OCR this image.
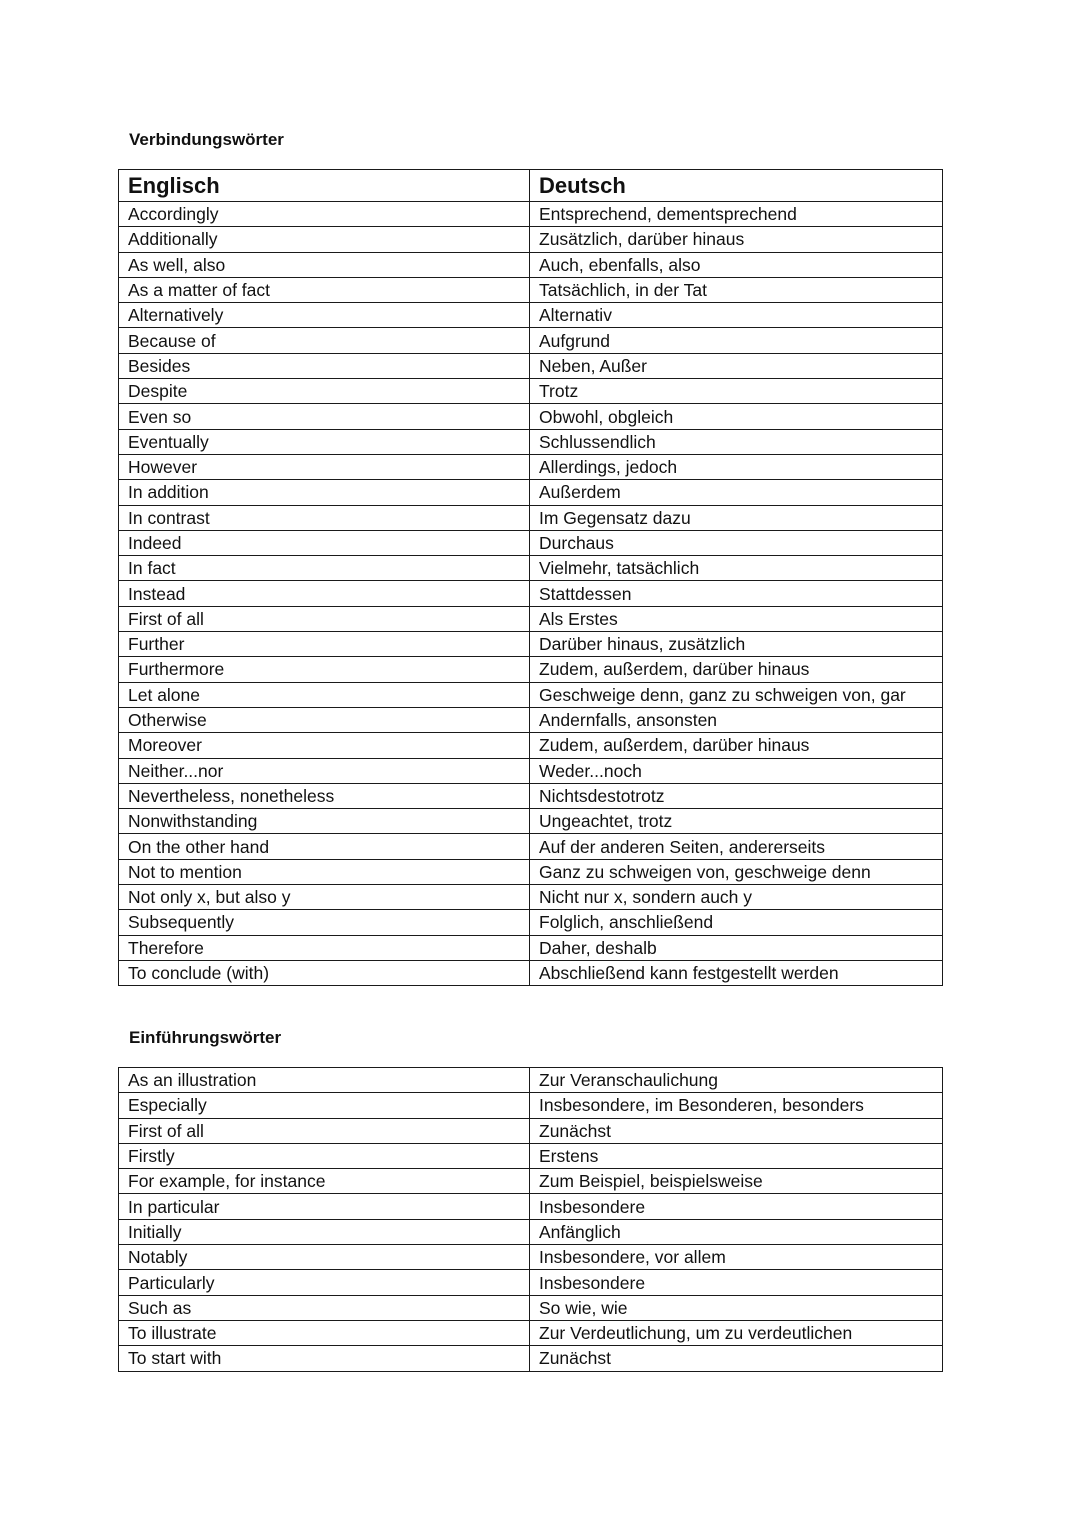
Verbindungswörter
Englisch	Deutsch
Accordingly	Entsprechend, dementsprechend
Additionally	Zusätzlich, darüber hinaus
As well, also	Auch, ebenfalls, also
As a matter of fact	Tatsächlich, in der Tat
Alternatively	Alternativ
Because of	Aufgrund
Besides	Neben, Außer
Despite	Trotz
Even so	Obwohl, obgleich
Eventually	Schlussendlich
However	Allerdings, jedoch
In addition	Außerdem
In contrast	Im Gegensatz dazu
Indeed	Durchaus
In fact	Vielmehr, tatsächlich
Instead	Stattdessen
First of all	Als Erstes
Further	Darüber hinaus, zusätzlich
Furthermore	Zudem, außerdem, darüber hinaus
Let alone	Geschweige denn, ganz zu schweigen von, gar
Otherwise	Andernfalls, ansonsten
Moreover	Zudem, außerdem, darüber hinaus
Neither...nor	Weder...noch
Nevertheless, nonetheless	Nichtsdestotrotz
Nonwithstanding	Ungeachtet, trotz
On the other hand	Auf der anderen Seiten, andererseits
Not to mention	Ganz zu schweigen von, geschweige denn
Not only x, but also y	Nicht nur x, sondern auch y
Subsequently	Folglich, anschließend
Therefore	Daher, deshalb
To conclude (with)	Abschließend kann festgestellt werden
Einführungswörter
As an illustration	Zur Veranschaulichung
Especially	Insbesondere, im Besonderen, besonders
First of all	Zunächst
Firstly	Erstens
For example, for instance	Zum Beispiel, beispielsweise
In particular	Insbesondere
Initially	Anfänglich
Notably	Insbesondere, vor allem
Particularly	Insbesondere
Such as	So wie, wie
To illustrate	Zur Verdeutlichung, um zu verdeutlichen
To start with	Zunächst
